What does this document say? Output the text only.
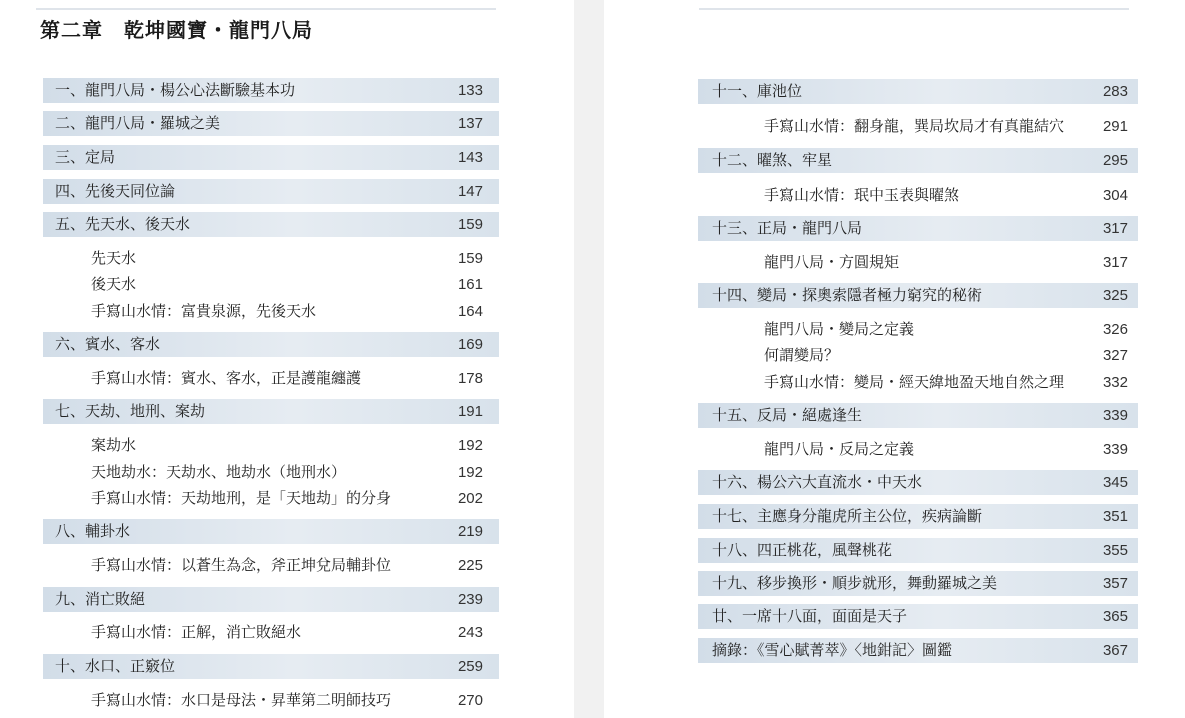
第二章　乾坤國寶・龍門八局
一、龍門八局・楊公心法斷驗基本功	133
二、龍門八局・羅城之美	137
三、定局	143
四、先後天同位論	147
五、先天水、後天水	159
先天水	159
後天水	161
手寫山水情：富貴泉源，先後天水	164
六、賓水、客水	169
手寫山水情：賓水、客水，正是護龍纏護	178
七、天劫、地刑、案劫	191
案劫水	192
天地劫水：天劫水、地劫水（地刑水）	192
手寫山水情：天劫地刑，是「天地劫」的分身	202
八、輔卦水	219
手寫山水情：以蒼生為念，斧正坤兌局輔卦位	225
九、消亡敗絕	239
手寫山水情：正解，消亡敗絕水	243
十、水口、正竅位	259
手寫山水情：水口是母法・昇華第二明師技巧	270
十一、庫池位	283
手寫山水情：翻身龍，巽局坎局才有真龍結穴	291
十二、曜煞、牢星	295
手寫山水情：珉中玉表與曜煞	304
十三、正局・龍門八局	317
龍門八局・方圓規矩	317
十四、變局・探奧索隱者極力窮究的秘術	325
龍門八局・變局之定義	326
何謂變局？	327
手寫山水情：變局・經天緯地盈天地自然之理	332
十五、反局・絕處逢生	339
龍門八局・反局之定義	339
十六、楊公六大直流水・中天水	345
十七、主應身分龍虎所主公位，疾病論斷	351
十八、四正桃花，風聲桃花	355
十九、移步換形・順步就形，舞動羅城之美	357
廿、一席十八面，面面是天子	365
摘錄：《雪心賦菁萃》〈地鉗記〉圖鑑	367
